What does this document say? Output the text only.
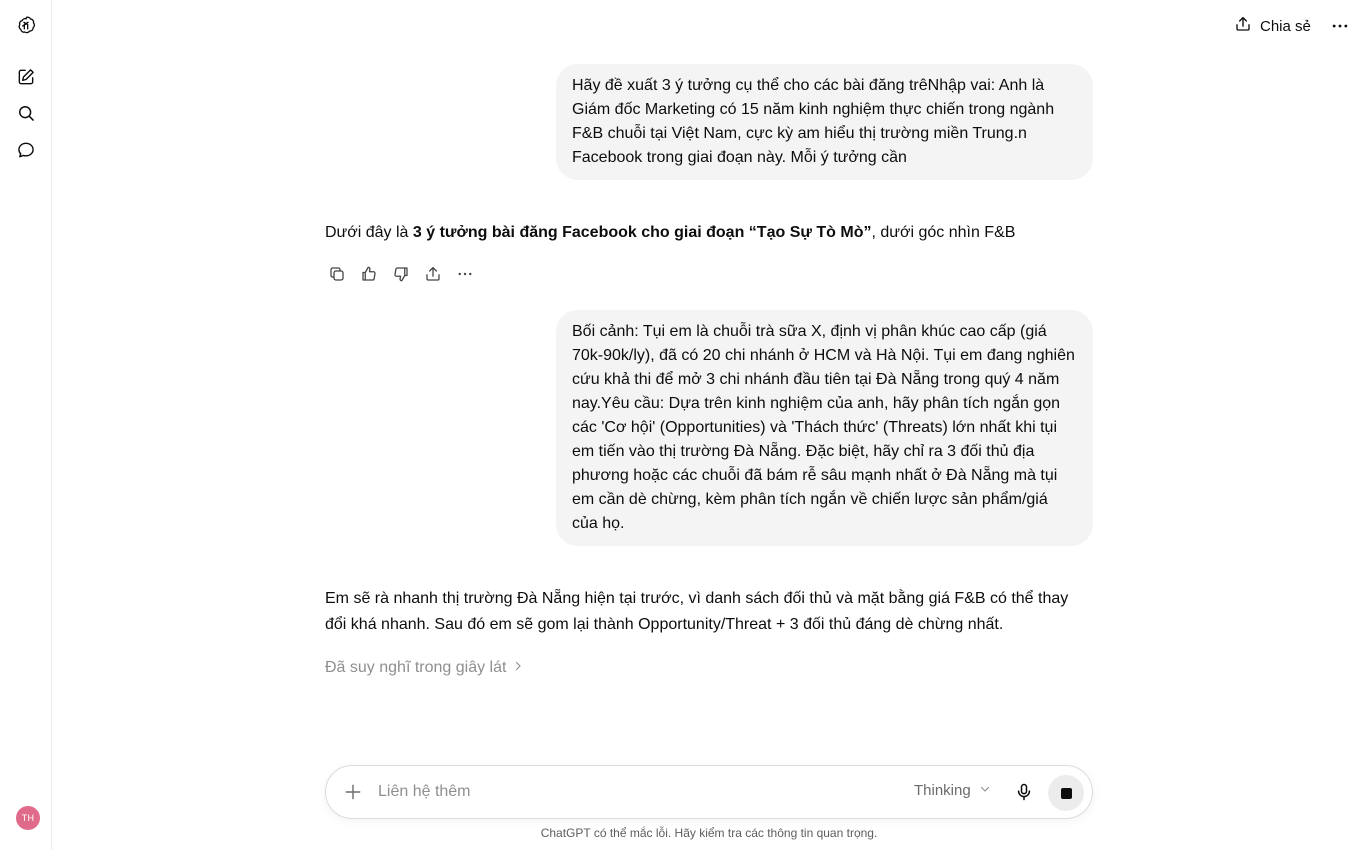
TH
Chia sẻ
Hãy đề xuất 3 ý tưởng cụ thể cho các bài đăng trêNhập vai: Anh là Giám đốc Marketing có 15 năm kinh nghiệm thực chiến trong ngành F&B chuỗi tại Việt Nam, cực kỳ am hiểu thị trường miền Trung.n Facebook trong giai đoạn này. Mỗi ý tưởng cần
Dưới đây là 3 ý tưởng bài đăng Facebook cho giai đoạn “Tạo Sự Tò Mò”, dưới góc nhìn F&B
Bối cảnh: Tụi em là chuỗi trà sữa X, định vị phân khúc cao cấp (giá 70k-90k/ly), đã có 20 chi nhánh ở HCM và Hà Nội. Tụi em đang nghiên cứu khả thi để mở 3 chi nhánh đầu tiên tại Đà Nẵng trong quý 4 năm nay.Yêu cầu: Dựa trên kinh nghiệm của anh, hãy phân tích ngắn gọn các 'Cơ hội' (Opportunities) và 'Thách thức' (Threats) lớn nhất khi tụi em tiến vào thị trường Đà Nẵng. Đặc biệt, hãy chỉ ra 3 đối thủ địa phương hoặc các chuỗi đã bám rễ sâu mạnh nhất ở Đà Nẵng mà tụi em cần dè chừng, kèm phân tích ngắn về chiến lược sản phẩm/giá của họ.
Em sẽ rà nhanh thị trường Đà Nẵng hiện tại trước, vì danh sách đối thủ và mặt bằng giá F&B có thể thay đổi khá nhanh. Sau đó em sẽ gom lại thành Opportunity/Threat + 3 đối thủ đáng dè chừng nhất.
Đã suy nghĩ trong giây lát
Liên hệ thêm
Thinking
ChatGPT có thể mắc lỗi. Hãy kiểm tra các thông tin quan trọng.
